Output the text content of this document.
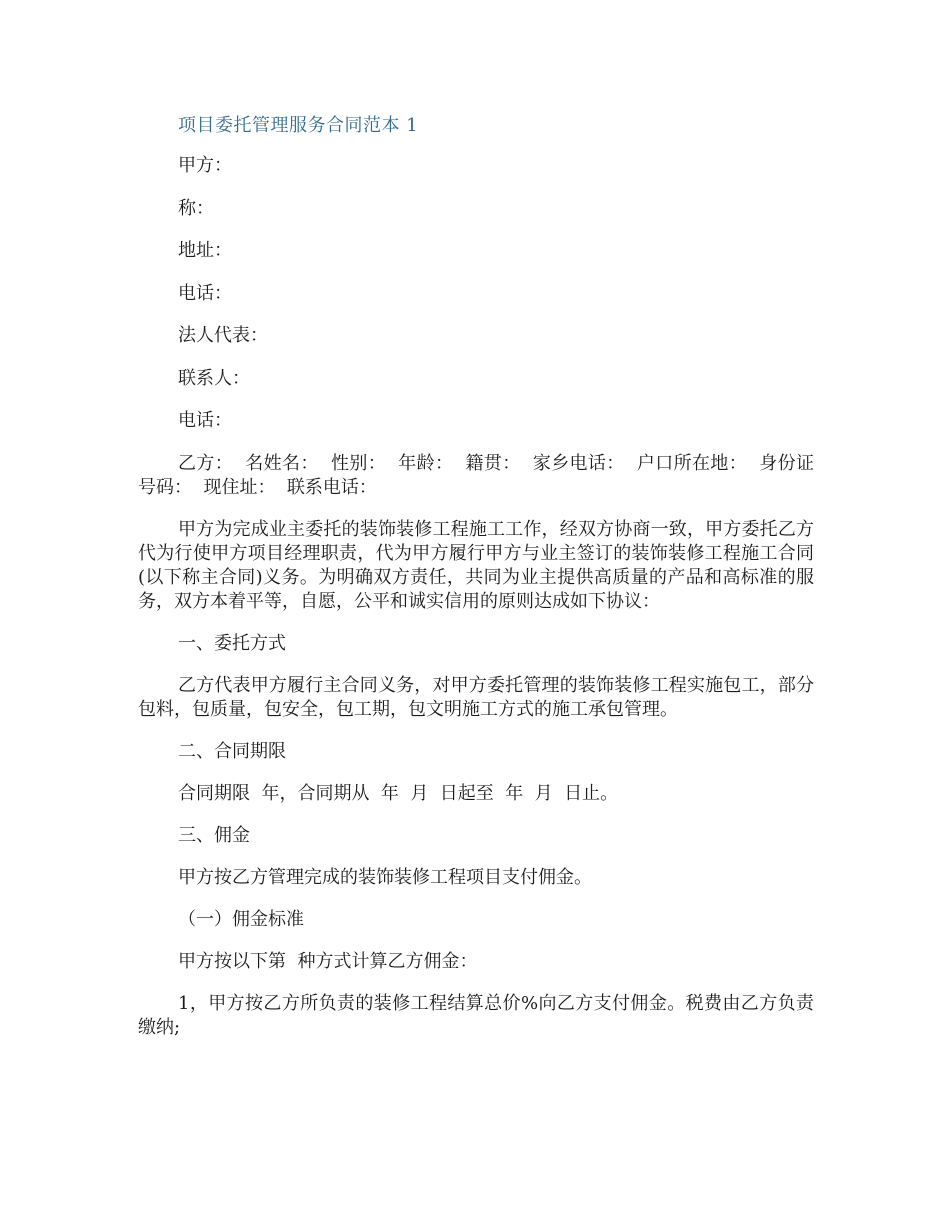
项目委托管理服务合同范本 1
甲方：
称：
地址：
电话：
法人代表：
联系人：
电话：
乙方：  名姓名：  性别：  年龄：  籍贯：  家乡电话：  户口所在地：  身份证号码：  现住址：  联系电话：
甲方为完成业主委托的装饰装修工程施工工作，经双方协商一致，甲方委托乙方代为行使甲方项目经理职责，代为甲方履行甲方与业主签订的装饰装修工程施工合同(以下称主合同)义务。为明确双方责任，共同为业主提供高质量的产品和高标准的服务，双方本着平等，自愿，公平和诚实信用的原则达成如下协议：
一、委托方式
乙方代表甲方履行主合同义务，对甲方委托管理的装饰装修工程实施包工，部分包料，包质量，包安全，包工期，包文明施工方式的施工承包管理。
二、合同期限
合同期限  年，合同期从  年  月  日起至  年  月  日止。
三、佣金
甲方按乙方管理完成的装饰装修工程项目支付佣金。
（一）佣金标准
甲方按以下第  种方式计算乙方佣金：
1，甲方按乙方所负责的装修工程结算总价%向乙方支付佣金。税费由乙方负责缴纳;
